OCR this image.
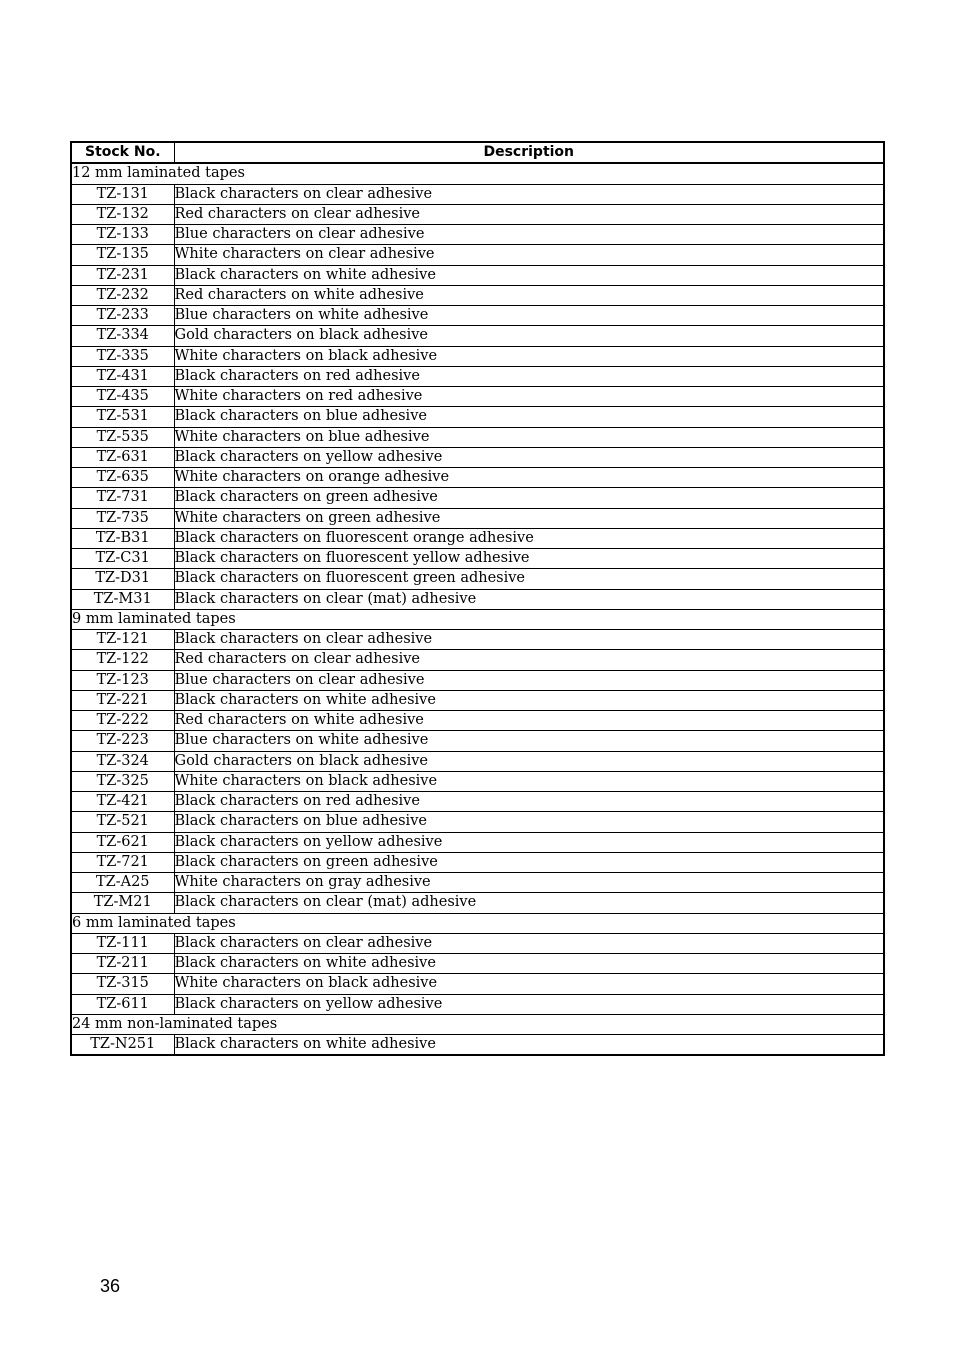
Stock No.	Description
12 mm laminated tapes	
TZ-131	Black characters on clear adhesive
TZ-132	Red characters on clear adhesive
TZ-133	Blue characters on clear adhesive
TZ-135	White characters on clear adhesive
TZ-231	Black characters on white adhesive
TZ-232	Red characters on white adhesive
TZ-233	Blue characters on white adhesive
TZ-334	Gold characters on black adhesive
TZ-335	White characters on black adhesive
TZ-431	Black characters on red adhesive
TZ-435	White characters on red adhesive
TZ-531	Black characters on blue adhesive
TZ-535	White characters on blue adhesive
TZ-631	Black characters on yellow adhesive
TZ-635	White characters on orange adhesive
TZ-731	Black characters on green adhesive
TZ-735	White characters on green adhesive
TZ-B31	Black characters on fluorescent orange adhesive
TZ-C31	Black characters on fluorescent yellow adhesive
TZ-D31	Black characters on fluorescent green adhesive
TZ-M31	Black characters on clear (mat) adhesive
9 mm laminated tapes	
TZ-121	Black characters on clear adhesive
TZ-122	Red characters on clear adhesive
TZ-123	Blue characters on clear adhesive
TZ-221	Black characters on white adhesive
TZ-222	Red characters on white adhesive
TZ-223	Blue characters on white adhesive
TZ-324	Gold characters on black adhesive
TZ-325	White characters on black adhesive
TZ-421	Black characters on red adhesive
TZ-521	Black characters on blue adhesive
TZ-621	Black characters on yellow adhesive
TZ-721	Black characters on green adhesive
TZ-A25	White characters on gray adhesive
TZ-M21	Black characters on clear (mat) adhesive
6 mm laminated tapes	
TZ-111	Black characters on clear adhesive
TZ-211	Black characters on white adhesive
TZ-315	White characters on black adhesive
TZ-611	Black characters on yellow adhesive
24 mm non-laminated tapes	
TZ-N251	Black characters on white adhesive
36
